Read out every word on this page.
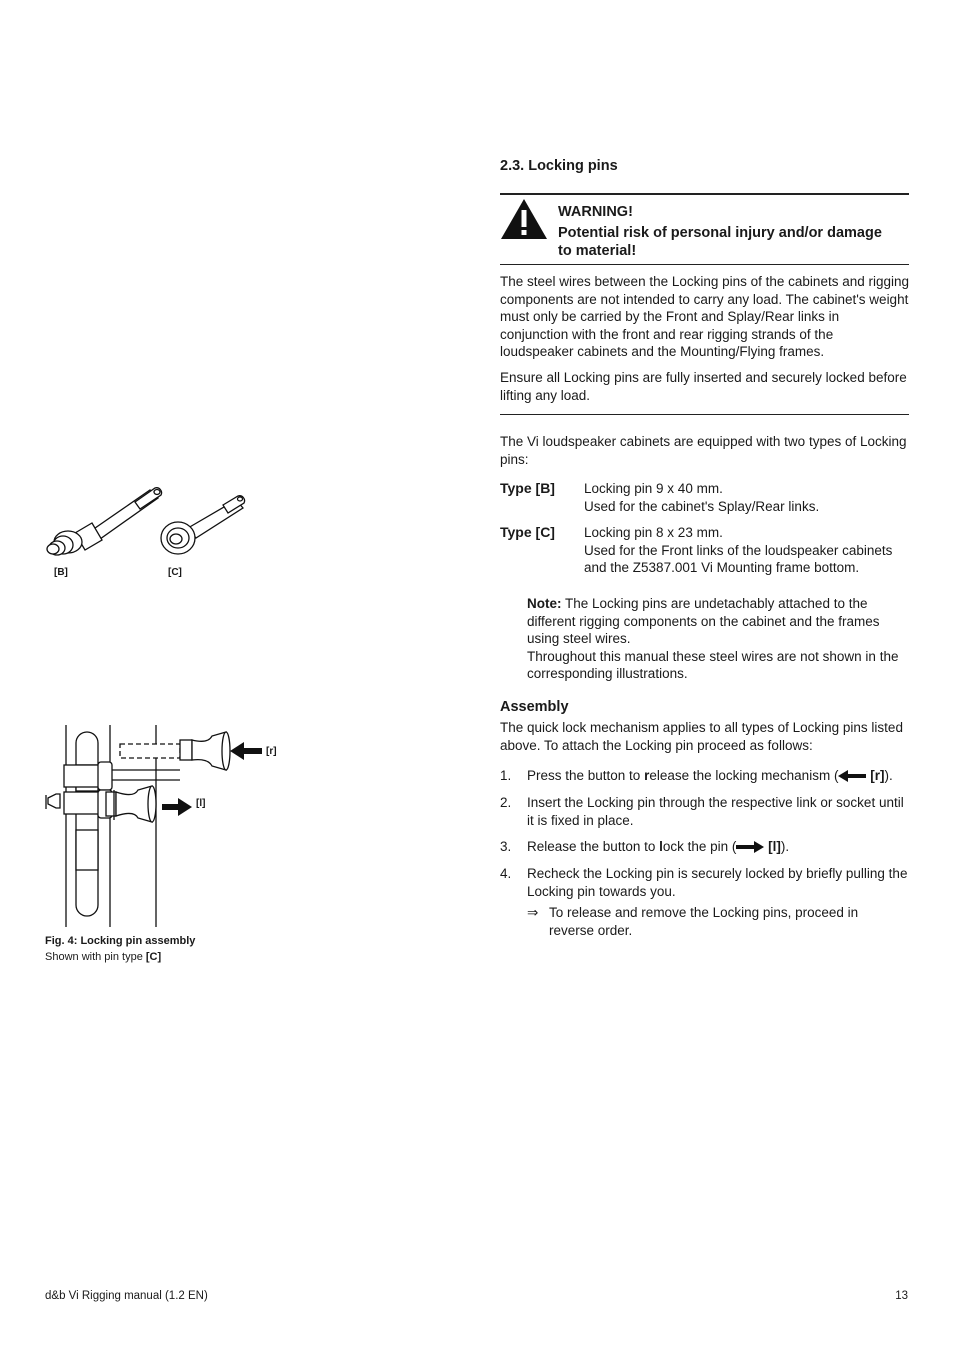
[B]	[C]
[r]
[l]
Fig. 4: Locking pin assembly
Shown with pin type [C]
2.3. Locking pins
WARNING!
Potential risk of personal injury and/or damage to material!

The steel wires between the Locking pins of the cabinets and rigging components are not intended to carry any load. The cabinet's weight must only be carried by the Front and Splay/Rear links in conjunction with the front and rear rigging strands of the loudspeaker cabinets and the Mounting/Flying frames.

Ensure all Locking pins are fully inserted and securely locked before lifting any load.

The Vi loudspeaker cabinets are equipped with two types of Locking pins:

Type [B] Locking pin 9 x 40 mm.
Used for the cabinet's Splay/Rear links.
Type [C] Locking pin 8 x 23 mm.
Used for the Front links of the loudspeaker cabinets and the Z5387.001 Vi Mounting frame bottom.
Note: The Locking pins are undetachably attached to the different rigging components on the cabinet and the frames using steel wires.
Throughout this manual these steel wires are not shown in the corresponding illustrations.
Assembly

The quick lock mechanism applies to all types of Locking pins listed above. To attach the Locking pin proceed as follows:

1. Press the button to release the locking mechanism ( [r]).
2. Insert the Locking pin through the respective link or socket until it is fixed in place.
3. Release the button to lock the pin ( [l]).
4. Recheck the Locking pin is securely locked by briefly pulling the Locking pin towards you.
⇒ To release and remove the Locking pins, proceed in reverse order.
d&b Vi Rigging manual (1.2 EN)	13
